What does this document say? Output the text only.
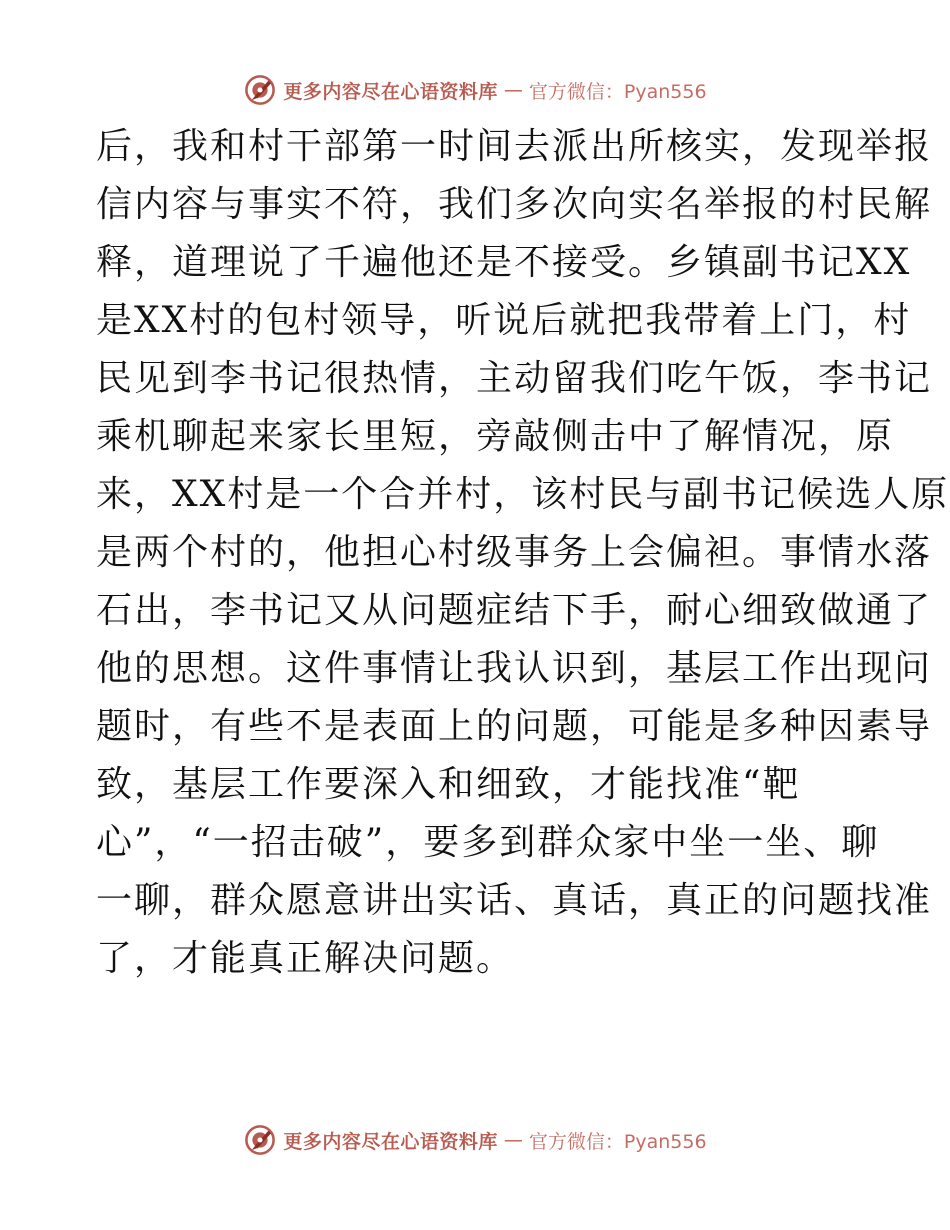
更多内容尽在心语资料库 — 官方微信：Pyan556
后，我和村干部第一时间去派出所核实，发现举报
信内容与事实不符，我们多次向实名举报的村民解
释，道理说了千遍他还是不接受。乡镇副书记XX
是XX村的包村领导，听说后就把我带着上门，村
民见到李书记很热情，主动留我们吃午饭，李书记
乘机聊起来家长里短，旁敲侧击中了解情况，原
来，XX村是一个合并村，该村民与副书记候选人原
是两个村的，他担心村级事务上会偏袒。事情水落
石出，李书记又从问题症结下手，耐心细致做通了
他的思想。这件事情让我认识到，基层工作出现问
题时，有些不是表面上的问题，可能是多种因素导
致，基层工作要深入和细致，才能找准“靶
心”，“一招击破”，要多到群众家中坐一坐、聊
一聊，群众愿意讲出实话、真话，真正的问题找准
了，才能真正解决问题。
更多内容尽在心语资料库 — 官方微信：Pyan556
